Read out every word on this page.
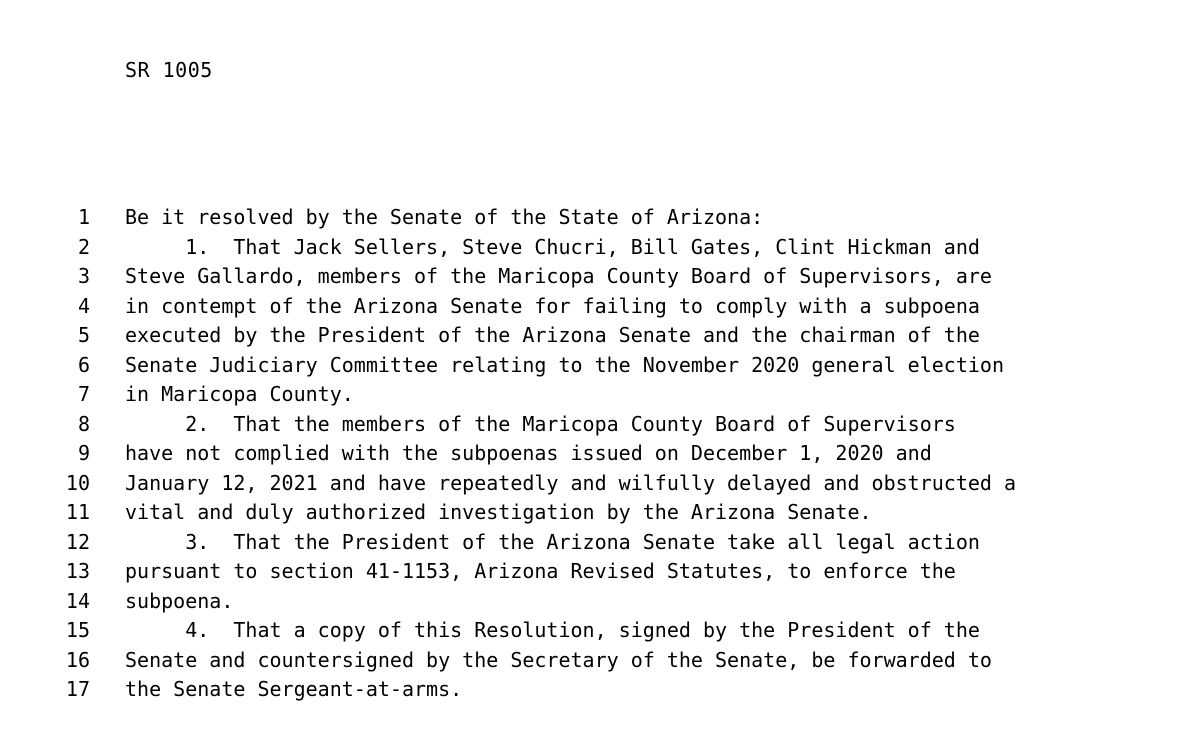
SR 1005
1 Be it resolved by the Senate of the State of Arizona:
2 1.  That Jack Sellers, Steve Chucri, Bill Gates, Clint Hickman and
3 Steve Gallardo, members of the Maricopa County Board of Supervisors, are
4 in contempt of the Arizona Senate for failing to comply with a subpoena
5 executed by the President of the Arizona Senate and the chairman of the
6 Senate Judiciary Committee relating to the November 2020 general election
7 in Maricopa County.
8 2.  That the members of the Maricopa County Board of Supervisors
9 have not complied with the subpoenas issued on December 1, 2020 and
10 January 12, 2021 and have repeatedly and wilfully delayed and obstructed a
11 vital and duly authorized investigation by the Arizona Senate.
12 3.  That the President of the Arizona Senate take all legal action
13 pursuant to section 41-1153, Arizona Revised Statutes, to enforce the
14 subpoena.
15 4.  That a copy of this Resolution, signed by the President of the
16 Senate and countersigned by the Secretary of the Senate, be forwarded to
17 the Senate Sergeant-at-arms.
